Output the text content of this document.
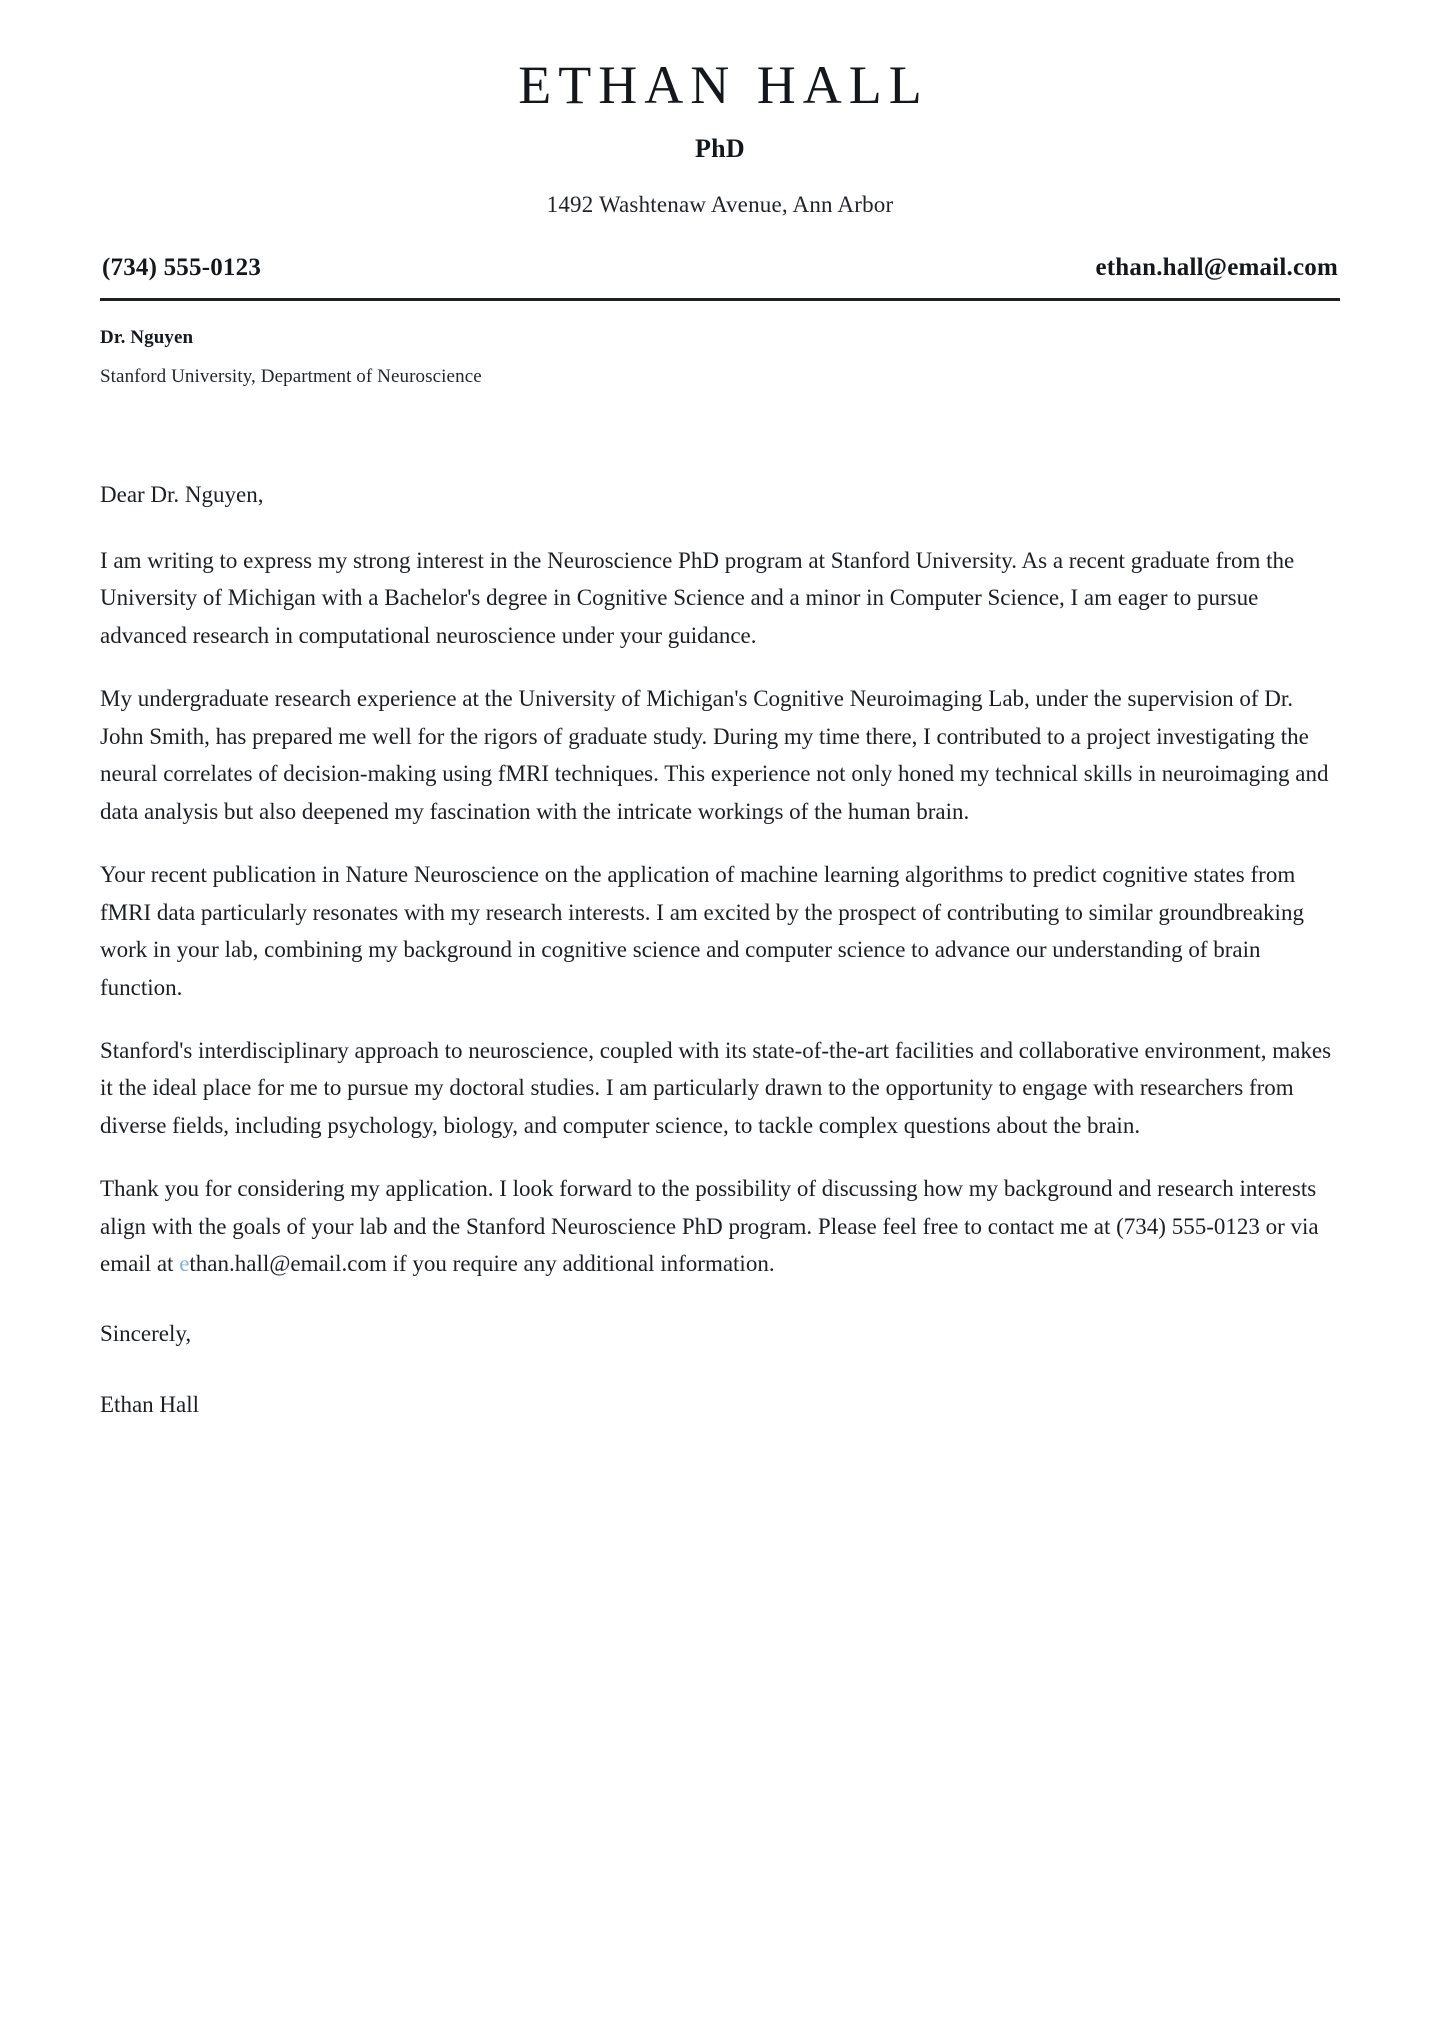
ETHAN HALL
PhD
1492 Washtenaw Avenue, Ann Arbor
(734) 555-0123	ethan.hall@email.com
Dr. Nguyen
Stanford University, Department of Neuroscience

Dear Dr. Nguyen,

I am writing to express my strong interest in the Neuroscience PhD program at Stanford University. As a recent graduate from the University of Michigan with a Bachelor's degree in Cognitive Science and a minor in Computer Science, I am eager to pursue advanced research in computational neuroscience under your guidance.

My undergraduate research experience at the University of Michigan's Cognitive Neuroimaging Lab, under the supervision of Dr. John Smith, has prepared me well for the rigors of graduate study. During my time there, I contributed to a project investigating the neural correlates of decision-making using fMRI techniques. This experience not only honed my technical skills in neuroimaging and data analysis but also deepened my fascination with the intricate workings of the human brain.

Your recent publication in Nature Neuroscience on the application of machine learning algorithms to predict cognitive states from fMRI data particularly resonates with my research interests. I am excited by the prospect of contributing to similar groundbreaking work in your lab, combining my background in cognitive science and computer science to advance our understanding of brain function.

Stanford's interdisciplinary approach to neuroscience, coupled with its state-of-the-art facilities and collaborative environment, makes it the ideal place for me to pursue my doctoral studies. I am particularly drawn to the opportunity to engage with researchers from diverse fields, including psychology, biology, and computer science, to tackle complex questions about the brain.

Thank you for considering my application. I look forward to the possibility of discussing how my background and research interests align with the goals of your lab and the Stanford Neuroscience PhD program. Please feel free to contact me at (734) 555-0123 or via email at ethan.hall@email.com if you require any additional information.

Sincerely,

Ethan Hall
